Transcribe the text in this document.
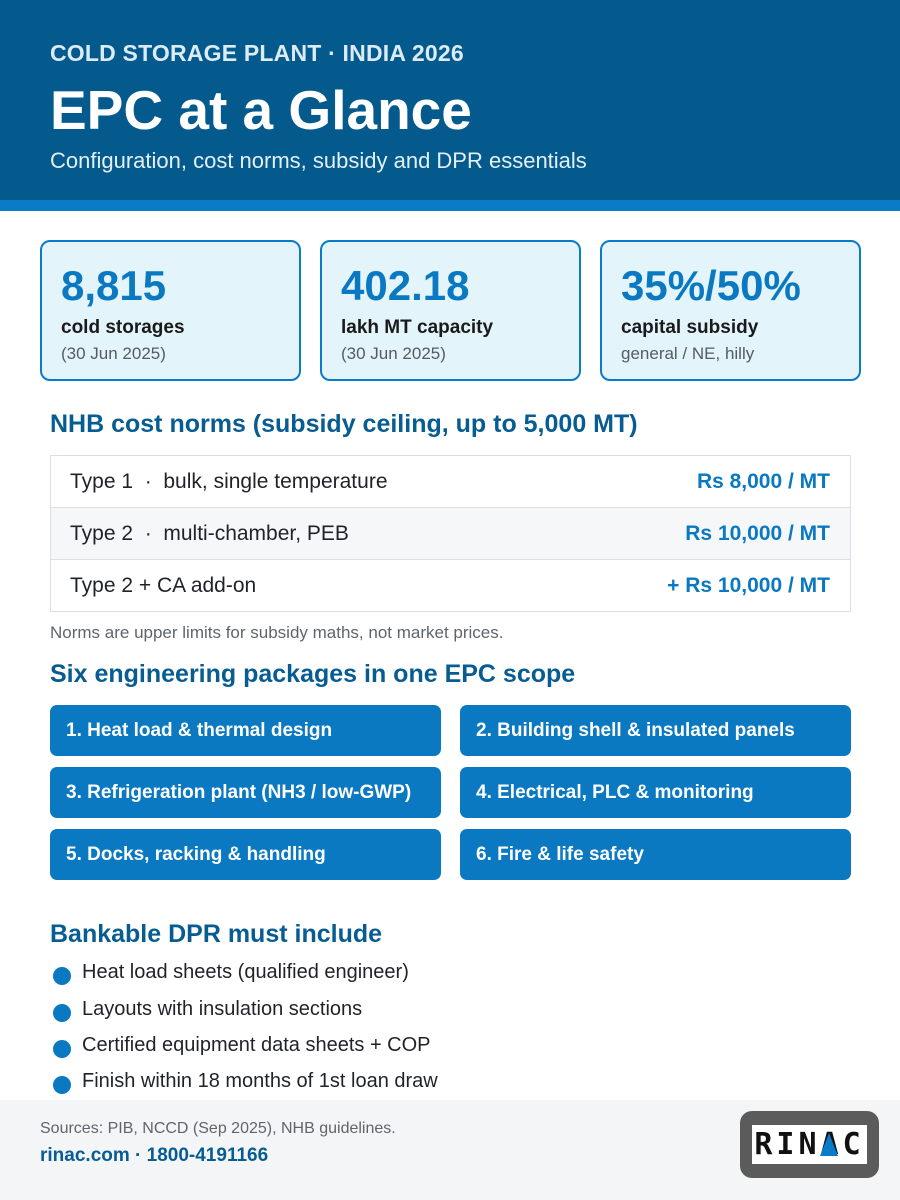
COLD STORAGE PLANT · INDIA 2026
EPC at a Glance
Configuration, cost norms, subsidy and DPR essentials
8,815
cold storages
(30 Jun 2025)
402.18
lakh MT capacity
(30 Jun 2025)
35%/50%
capital subsidy
general / NE, hilly
NHB cost norms (subsidy ceiling, up to 5,000 MT)
Type 1  ·  bulk, single temperature	Rs 8,000 / MT
Type 2  ·  multi-chamber, PEB	Rs 10,000 / MT
Type 2 + CA add-on	+ Rs 10,000 / MT
Norms are upper limits for subsidy maths, not market prices.
Six engineering packages in one EPC scope
1. Heat load & thermal design	2. Building shell & insulated panels
3. Refrigeration plant (NH3 / low-GWP)	4. Electrical, PLC & monitoring
5. Docks, racking & handling	6. Fire & life safety
Bankable DPR must include
Heat load sheets (qualified engineer)
Layouts with insulation sections
Certified equipment data sheets + COP
Finish within 18 months of 1st loan draw
Sources: PIB, NCCD (Sep 2025), NHB guidelines.
rinac.com · 1800-4191166	RINAC
